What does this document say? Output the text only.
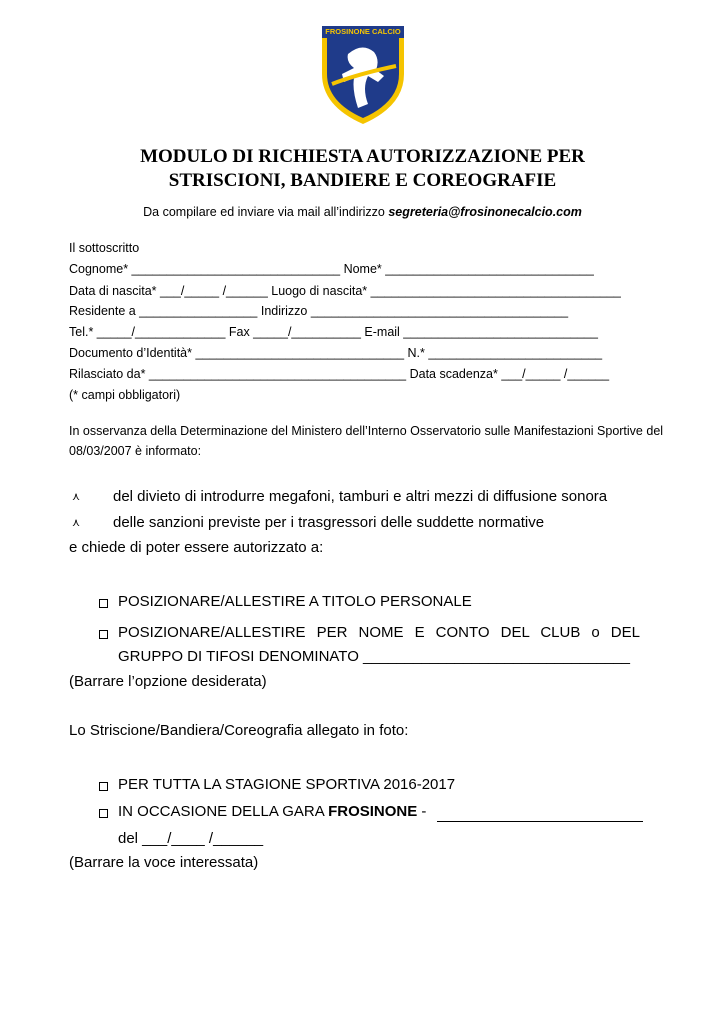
FROSINONE CALCIO
MODULO DI RICHIESTA AUTORIZZAZIONE PER
STRISCIONI, BANDIERE E COREOGRAFIE
Da compilare ed inviare via mail all’indirizzo segreteria@frosinonecalcio.com
Il sottoscritto
Cognome* ______________________________ Nome* ______________________________
Data di nascita* ___/_____ /______ Luogo di nascita* ____________________________________
Residente a _________________ Indirizzo _____________________________________
Tel.* _____/_____________ Fax _____/__________ E-mail ____________________________
Documento d’Identità* ______________________________ N.* _________________________
Rilasciato da* _____________________________________ Data scadenza* ___/_____ /______
(* campi obbligatori)
In osservanza della Determinazione del Ministero dell’Interno Osservatorio sulle Manifestazioni Sportive del
08/03/2007 è informato:
⋏ del divieto di introdurre megafoni, tamburi e altri mezzi di diffusione sonora
⋏ delle sanzioni previste per i trasgressori delle suddette normative
e chiede di poter essere autorizzato a:
POSIZIONARE/ALLESTIRE A TITOLO PERSONALE
POSIZIONARE/ALLESTIRE PER NOME E CONTO DEL CLUB o DEL
GRUPPO DI TIFOSI DENOMINATO ________________________________
(Barrare l’opzione desiderata)
Lo Striscione/Bandiera/Coreografia allegato in foto:
PER TUTTA LA STAGIONE SPORTIVA 2016-2017
IN OCCASIONE DELLA GARA FROSINONE -
del ___/____ /______
(Barrare la voce interessata)
